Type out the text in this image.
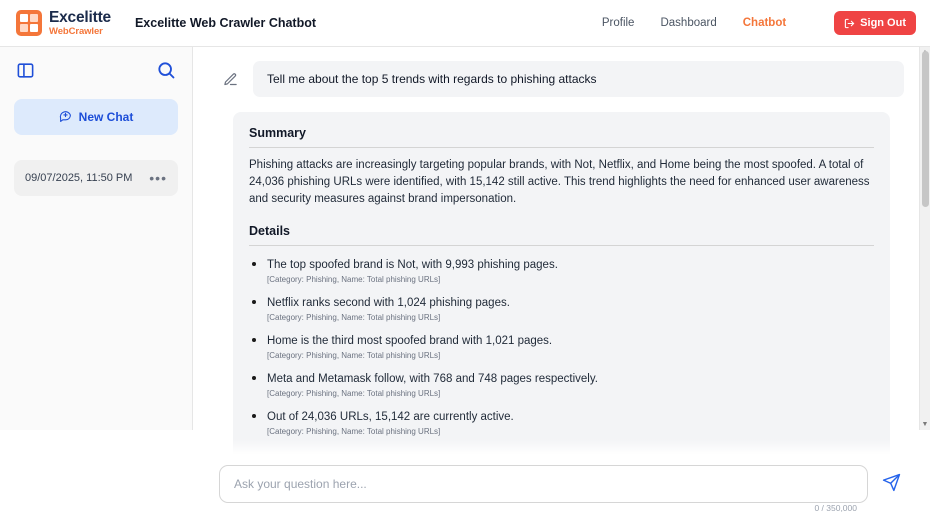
Excelitte
WebCrawler
Excelitte Web Crawler Chatbot	Profile Dashboard Chatbot	Sign Out
New Chat
09/07/2025, 11:50 PM •••
Tell me about the top 5 trends with regards to phishing attacks
Summary

Phishing attacks are increasingly targeting popular brands, with Not, Netflix, and Home being the most spoofed. A total of 24,036 phishing URLs were identified, with 15,142 still active. This trend highlights the need for enhanced user awareness and security measures against brand impersonation.

Details
• The top spoofed brand is Not, with 9,993 phishing pages.
[Category: Phishing, Name: Total phishing URLs]
• Netflix ranks second with 1,024 phishing pages.
[Category: Phishing, Name: Total phishing URLs]
• Home is the third most spoofed brand with 1,021 pages.
[Category: Phishing, Name: Total phishing URLs]
• Meta and Metamask follow, with 768 and 748 pages respectively.
[Category: Phishing, Name: Total phishing URLs]
• Out of 24,036 URLs, 15,142 are currently active.
[Category: Phishing, Name: Total phishing URLs]
Ask your question here...
0 / 350,000
▼
